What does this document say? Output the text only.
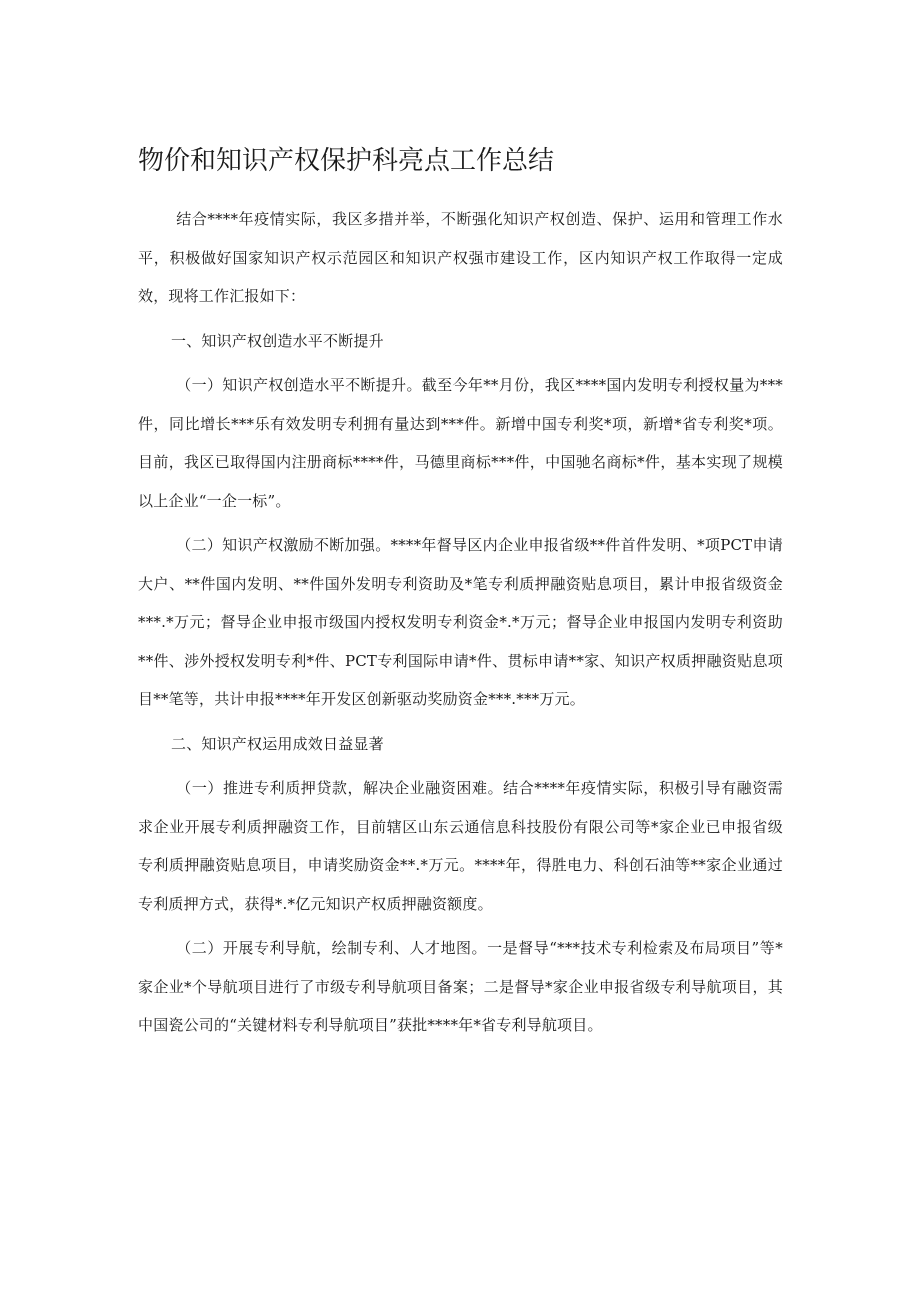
物价和知识产权保护科亮点工作总结

结合****年疫情实际，我区多措并举，不断强化知识产权创造、保护、运用和管理工作水平，积极做好国家知识产权示范园区和知识产权强市建设工作，区内知识产权工作取得一定成效，现将工作汇报如下：

一、知识产权创造水平不断提升

（一）知识产权创造水平不断提升。截至今年**月份，我区****国内发明专利授权量为***件，同比增长***乐有效发明专利拥有量达到***件。新增中国专利奖*项，新增*省专利奖*项。目前，我区已取得国内注册商标****件，马德里商标***件，中国驰名商标*件，基本实现了规模以上企业“一企一标”。

（二）知识产权激励不断加强。****年督导区内企业申报省级**件首件发明、*项PCT申请大户、**件国内发明、**件国外发明专利资助及*笔专利质押融资贴息项目，累计申报省级资金***.*万元；督导企业申报市级国内授权发明专利资金*.*万元；督导企业申报国内发明专利资助**件、涉外授权发明专利*件、PCT专利国际申请*件、贯标申请**家、知识产权质押融资贴息项目**笔等，共计申报****年开发区创新驱动奖励资金***.***万元。

二、知识产权运用成效日益显著

（一）推进专利质押贷款，解决企业融资困难。结合****年疫情实际，积极引导有融资需求企业开展专利质押融资工作，目前辖区山东云通信息科技股份有限公司等*家企业已申报省级专利质押融资贴息项目，申请奖励资金**.*万元。****年，得胜电力、科创石油等**家企业通过专利质押方式，获得*.*亿元知识产权质押融资额度。

（二）开展专利导航，绘制专利、人才地图。一是督导“***技术专利检索及布局项目”等*家企业*个导航项目进行了市级专利导航项目备案；二是督导*家企业申报省级专利导航项目，其中国瓷公司的“关键材料专利导航项目”获批****年*省专利导航项目。
